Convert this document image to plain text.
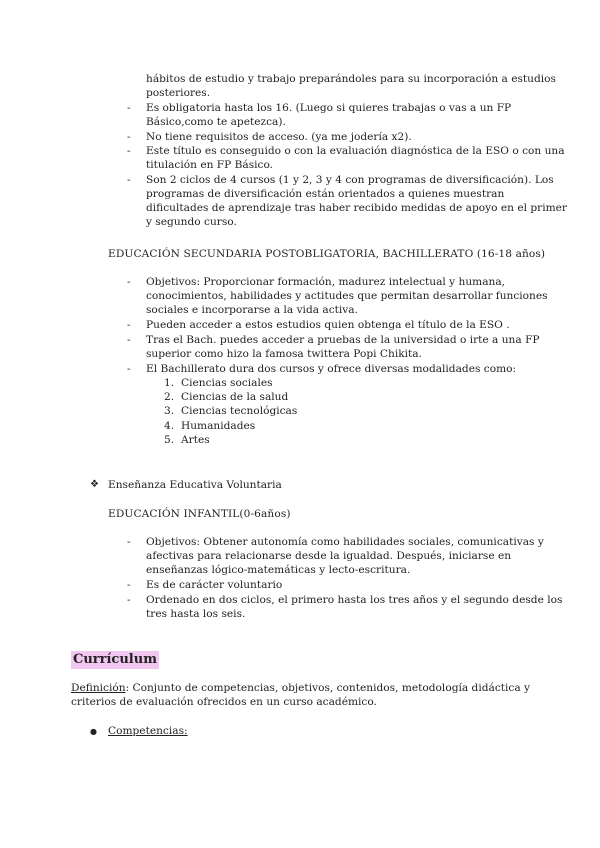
hábitos de estudio y trabajo preparándoles para su incorporación a estudios
posteriores.
- Es obligatoria hasta los 16. (Luego si quieres trabajas o vas a un FP
Básico,como te apetezca).
- No tiene requisitos de acceso. (ya me jodería x2).
- Este título es conseguido o con la evaluación diagnóstica de la ESO o con una
titulación en FP Básico.
- Son 2 ciclos de 4 cursos (1 y 2, 3 y 4 con programas de diversificación). Los
programas de diversificación están orientados a quienes muestran
dificultades de aprendizaje tras haber recibido medidas de apoyo en el primer
y segundo curso.
EDUCACIÓN SECUNDARIA POSTOBLIGATORIA, BACHILLERATO (16-18 años)
- Objetivos: Proporcionar formación, madurez intelectual y humana,
conocimientos, habilidades y actitudes que permitan desarrollar funciones
sociales e incorporarse a la vida activa.
- Pueden acceder a estos estudios quien obtenga el título de la ESO .
- Tras el Bach. puedes acceder a pruebas de la universidad o irte a una FP
superior como hizo la famosa twittera Popi Chikita.
- El Bachillerato dura dos cursos y ofrece diversas modalidades como:
1. Ciencias sociales
2. Ciencias de la salud
3. Ciencias tecnológicas
4. Humanidades
5. Artes
❖ Enseñanza Educativa Voluntaria
EDUCACIÓN INFANTIL(0-6años)
- Objetivos: Obtener autonomía como habilidades sociales, comunicativas y
afectivas para relacionarse desde la igualdad. Después, iniciarse en
enseñanzas lógico-matemáticas y lecto-escritura.
- Es de carácter voluntario
- Ordenado en dos ciclos, el primero hasta los tres años y el segundo desde los
tres hasta los seis.
Currículum
Definición: Conjunto de competencias, objetivos, contenidos, metodología didáctica y
criterios de evaluación ofrecidos en un curso académico.
● Competencias:
